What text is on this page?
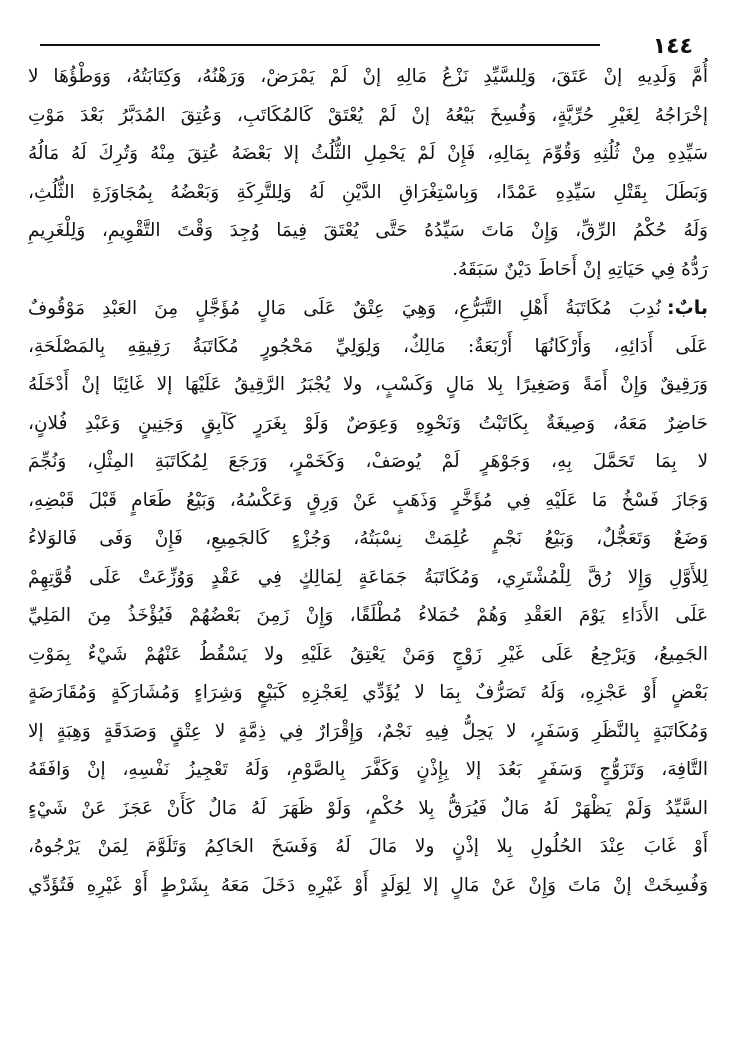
١٤٤
أُمَّ وَلَدِيهِ إنْ عَتَقَ، وَلِلسَّيِّدِ نَزْعُ مَالِهِ إنْ لَمْ يَمْرَضْ، وَرَهْنُهُ، وَكِتَابَتُهُ، وَوَطْؤُهَا لا
إخْرَاجُهُ لِغَيْرِ حُرِّيَّةٍ، وَفُسِخَ بَيْعُهُ إنْ لَمْ يُعْتَقْ كَالمُكَاتَبِ، وَعُتِقَ المُدَبَّرُ بَعْدَ مَوْتِ
سَيِّدِهِ مِنْ ثُلُثِهِ وَقُوِّمَ بِمَالِهِ، فَإِنْ لَمْ يَحْمِلِ الثُّلُثُ إلا بَعْضَهُ عُتِقَ مِنْهُ وَتُرِكَ لَهُ مَالُهُ
وَبَطَلَ بِقَتْلِ سَيِّدِهِ عَمْدًا، وَبِاسْتِغْرَاقِ الدَّيْنِ لَهُ وَلِلتَّرِكَةِ وَبَعْضُهُ بِمُجَاوَزَةِ الثُّلُثِ،
وَلَهُ حُكْمُ الرِّقِّ، وَإِنْ مَاتَ سَيِّدُهُ حَتَّى يُعْتَقَ فِيمَا وُجِدَ وَقْتَ التَّقْوِيمِ، وَلِلْغَرِيمِ
رَدُّهُ فِي حَيَاتِهِ إنْ أَحَاطَ دَيْنٌ سَبَقَهُ.
بابٌ:نُدِبَ مُكَاتَبَةُ أَهْلِ التَّبَرُّعِ، وَهِيَ عِتْقٌ عَلَى مَالٍ مُؤَجَّلٍ مِنَ العَبْدِ مَوْقُوفٌ
عَلَى أَدَائِهِ، وَأَرْكَانُهَا أَرْبَعَةٌ: مَالِكٌ، وَلِوَلِيِّ مَحْجُورٍ مُكَاتَبَةُ رَقِيقِهِ بِالمَصْلَحَةِ،
وَرَقِيقٌ وَإِنْ أَمَةً وَصَغِيرًا بِلا مَالٍ وَكَسْبٍ، ولا يُجْبَرُ الرَّقِيقُ عَلَيْهَا إلا غَائِبًا إنْ أَدْخَلَهُ
حَاضِرٌ مَعَهُ، وَصِيغَةٌ بِكَاتَبْتُ وَنَحْوِهِ وَعِوَضٌ وَلَوْ بِغَرَرٍ كَآبِقٍ وَجَنِينٍ وَعَبْدِ فُلانٍ،
لا بِمَا تَحَمَّلَ بِهِ، وَجَوْهَرٍ لَمْ يُوصَفْ، وَكَخَمْرٍ، وَرَجَعَ لِمُكَاتَبَةِ المِثْلِ، وَنُجِّمَ
وَجَازَ فَسْخُ مَا عَلَيْهِ فِي مُؤَخَّرٍ وَذَهَبٍ عَنْ وَرِقٍ وَعَكْسُهُ، وَبَيْعُ طَعَامٍ قَبْلَ قَبْضِهِ،
وَضَعٌ وَتَعَجُّلٌ، وَبَيْعُ نَجْمٍ عُلِمَتْ نِسْبَتُهُ، وَجُزْءٍ كَالجَمِيعِ، فَإِنْ وَفَى فَالوَلاءُ
لِلأَوَّلِ وَإِلا رُقَّ لِلْمُشْتَرِي، وَمُكَاتَبَةُ جَمَاعَةٍ لِمَالِكٍ فِي عَقْدٍ وَوُزِّعَتْ عَلَى قُوَّتِهِمْ
عَلَى الأَدَاءِ يَوْمَ العَقْدِ وَهُمْ حُمَلاءُ مُطْلَقًا، وَإِنْ زَمِنَ بَعْضُهُمْ فَيُؤْخَذُ مِنَ المَلِيِّ
الجَمِيعُ، وَيَرْجِعُ عَلَى غَيْرِ زَوْجٍ وَمَنْ يَعْتِقُ عَلَيْهِ ولا يَسْقُطُ عَنْهُمْ شَيْءٌ بِمَوْتِ
بَعْضٍ أَوْ عَجْزِهِ، وَلَهُ تَصَرُّفٌ بِمَا لا يُؤَدِّي لِعَجْزِهِ كَبَيْعٍ وَشِرَاءٍ وَمُشَارَكَةٍ وَمُقَارَضَةٍ
وَمُكَاتَبَةٍ بِالنَّظَرِ وَسَفَرٍ، لا يَحِلُّ فِيهِ نَجْمٌ، وَإِقْرَارٌ فِي ذِمَّةٍ لا عِتْقٍ وَصَدَقَةٍ وَهِبَةٍ إلا
التَّافِهَ، وَتَزَوُّجٍ وَسَفَرٍ بَعُدَ إلا بِإِذْنٍ وَكَفَّرَ بِالصَّوْمِ، وَلَهُ تَعْجِيزُ نَفْسِهِ، إنْ وَافَقَهُ
السَّيِّدُ وَلَمْ يَظْهَرْ لَهُ مَالٌ فَيُرَقُّ بِلا حُكْمٍ، وَلَوْ ظَهَرَ لَهُ مَالٌ كَأَنْ عَجَزَ عَنْ شَيْءٍ
أَوْ غَابَ عِنْدَ الحُلُولِ بِلا إذْنٍ ولا مَالَ لَهُ وَفَسَخَ الحَاكِمُ وَتَلَوَّمَ لِمَنْ يَرْجُوهُ،
وَفُسِخَتْ إنْ مَاتَ وَإِنْ عَنْ مَالٍ إلا لِوَلَدٍ أَوْ غَيْرِهِ دَخَلَ مَعَهُ بِشَرْطٍ أَوْ غَيْرِهِ فَتُؤَدِّي
